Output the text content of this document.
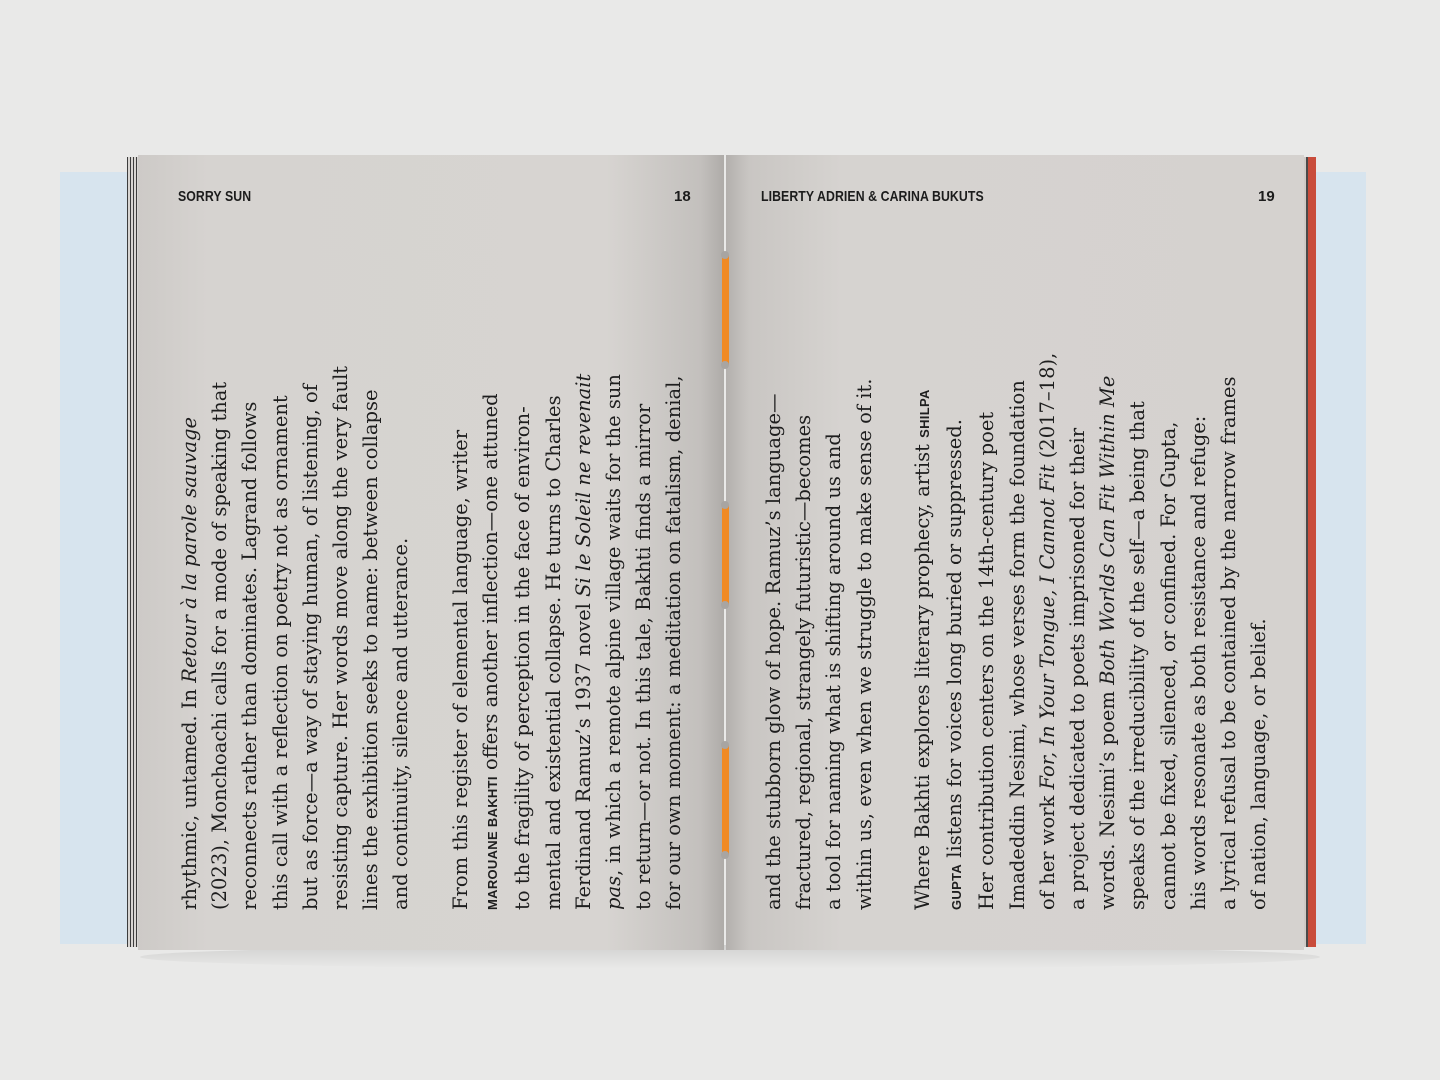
SORRY SUN	18
rhythmic, untamed. In Retour à la parole sauvage (2023), Monchoachi calls for a mode of speaking that reconnects rather than dominates. Lagrand follows this call with a reflection on poetry not as ornament but as force—a way of staying human, of listening, of resisting capture. Her words move along the very fault lines the exhibition seeks to name: between collapse and continuity, silence and utterance. From this register of elemental language, writer	MAROUANE BAKHTI offers another inflection—one attuned to the fragility of perception in the face of environ- mental and existential collapse. He turns to Charles Ferdinand Ramuz’s 1937 novel Si le Soleil ne revenait
pas, in which a remote alpine village waits for the sun to return—or not. In this tale, Bakhti finds a mirror for our own moment: a meditation on fatalism, denial,
LIBERTY ADRIEN & CARINA BUKUTS	19
and the stubborn glow of hope. Ramuz’s language— fractured, regional, strangely futuristic—becomes a tool for naming what is shifting around us and within us, even when we struggle to make sense of it. Where Bakhti explores literary prophecy, artist SHILPA
GUPTA listens for voices long buried or suppressed. Her contribution centers on the 14th-century poet Imadeddin Nesimi, whose verses form the foundation of her work For, In Your Tongue, I Cannot Fit (2017–18),
a project dedicated to poets imprisoned for their words. Nesimi’s poem Both Worlds Can Fit Within Me speaks of the irreducibility of the self—a being that cannot be fixed, silenced, or confined. For Gupta, his words resonate as both resistance and refuge: a lyrical refusal to be contained by the narrow frames of nation, language, or belief.
